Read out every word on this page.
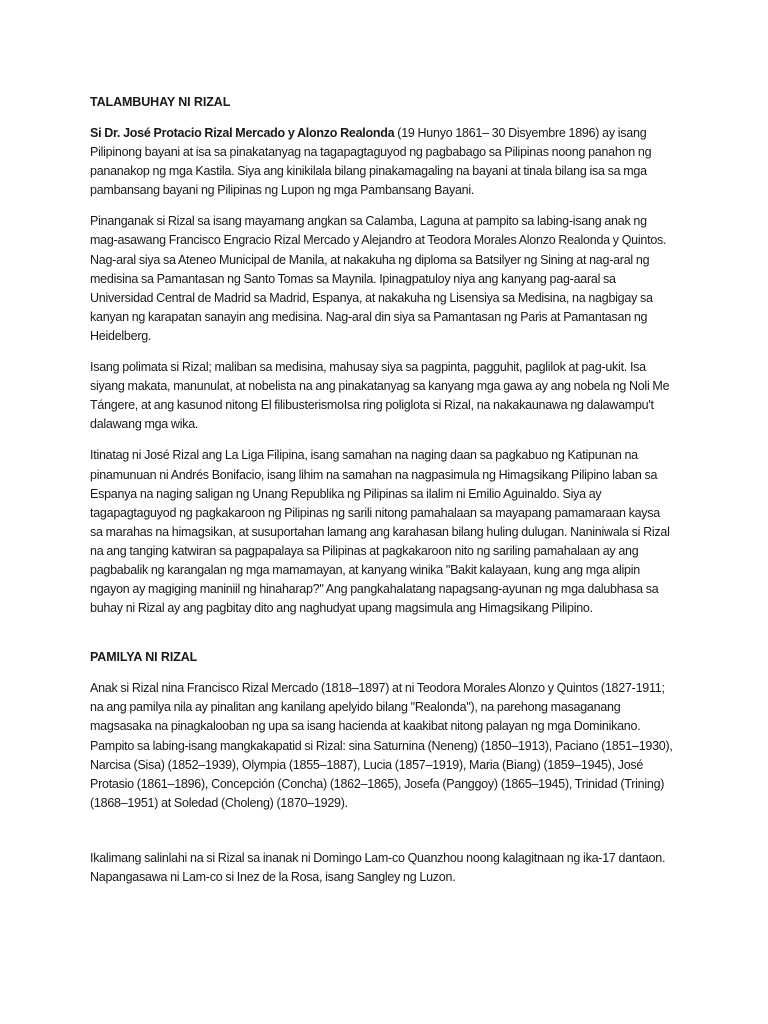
TALAMBUHAY NI RIZAL

Si Dr. José Protacio Rizal Mercado y Alonzo Realonda (19 Hunyo 1861– 30 Disyembre 1896) ay isang Pilipinong bayani at isa sa pinakatanyag na tagapagtaguyod ng pagbabago sa Pilipinas noong panahon ng pananakop ng mga Kastila. Siya ang kinikilala bilang pinakamagaling na bayani at tinala bilang isa sa mga pambansang bayani ng Pilipinas ng Lupon ng mga Pambansang Bayani.

Pinanganak si Rizal sa isang mayamang angkan sa Calamba, Laguna at pampito sa labing-isang anak ng mag-asawang Francisco Engracio Rizal Mercado y Alejandro at Teodora Morales Alonzo Realonda y Quintos. Nag-aral siya sa Ateneo Municipal de Manila, at nakakuha ng diploma sa Batsilyer ng Sining at nag-aral ng medisina sa Pamantasan ng Santo Tomas sa Maynila. Ipinagpatuloy niya ang kanyang pag-aaral sa Universidad Central de Madrid sa Madrid, Espanya, at nakakuha ng Lisensiya sa Medisina, na nagbigay sa kanyan ng karapatan sanayin ang medisina. Nag-aral din siya sa Pamantasan ng Paris at Pamantasan ng Heidelberg.

Isang polimata si Rizal; maliban sa medisina, mahusay siya sa pagpinta, pagguhit, paglilok at pag-ukit. Isa siyang makata, manunulat, at nobelista na ang pinakatanyag sa kanyang mga gawa ay ang nobela ng Noli Me Tángere, at ang kasunod nitong El filibusterismoIsa ring poliglota si Rizal, na nakakaunawa ng dalawampu't dalawang mga wika.

Itinatag ni José Rizal ang La Liga Filipina, isang samahan na naging daan sa pagkabuo ng Katipunan na pinamunuan ni Andrés Bonifacio, isang lihim na samahan na nagpasimula ng Himagsikang Pilipino laban sa Espanya na naging saligan ng Unang Republika ng Pilipinas sa ilalim ni Emilio Aguinaldo. Siya ay tagapagtaguyod ng pagkakaroon ng Pilipinas ng sarili nitong pamahalaan sa mayapang pamamaraan kaysa sa marahas na himagsikan, at susuportahan lamang ang karahasan bilang huling dulugan. Naniniwala si Rizal na ang tanging katwiran sa pagpapalaya sa Pilipinas at pagkakaroon nito ng sariling pamahalaan ay ang pagbabalik ng karangalan ng mga mamamayan, at kanyang winika "Bakit kalayaan, kung ang mga alipin ngayon ay magiging maniniil ng hinaharap?" Ang pangkahalatang napagsang-ayunan ng mga dalubhasa sa buhay ni Rizal ay ang pagbitay dito ang naghudyat upang magsimula ang Himagsikang Pilipino.

PAMILYA NI RIZAL

Anak si Rizal nina Francisco Rizal Mercado (1818–1897) at ni Teodora Morales Alonzo y Quintos (1827-1911; na ang pamilya nila ay pinalitan ang kanilang apelyido bilang "Realonda"), na parehong masaganang magsasaka na pinagkalooban ng upa sa isang hacienda at kaakibat nitong palayan ng mga Dominikano. Pampito sa labing-isang mangkakapatid si Rizal: sina Saturnina (Neneng) (1850–1913), Paciano (1851–1930), Narcisa (Sisa) (1852–1939), Olympia (1855–1887), Lucia (1857–1919), Maria (Biang) (1859–1945), José Protasio (1861–1896), Concepción (Concha) (1862–1865), Josefa (Panggoy) (1865–1945), Trinidad (Trining) (1868–1951) at Soledad (Choleng) (1870–1929).

Ikalimang salinlahi na si Rizal sa inanak ni Domingo Lam-co Quanzhou noong kalagitnaan ng ika-17 dantaon. Napangasawa ni Lam-co si Inez de la Rosa, isang Sangley ng Luzon.
